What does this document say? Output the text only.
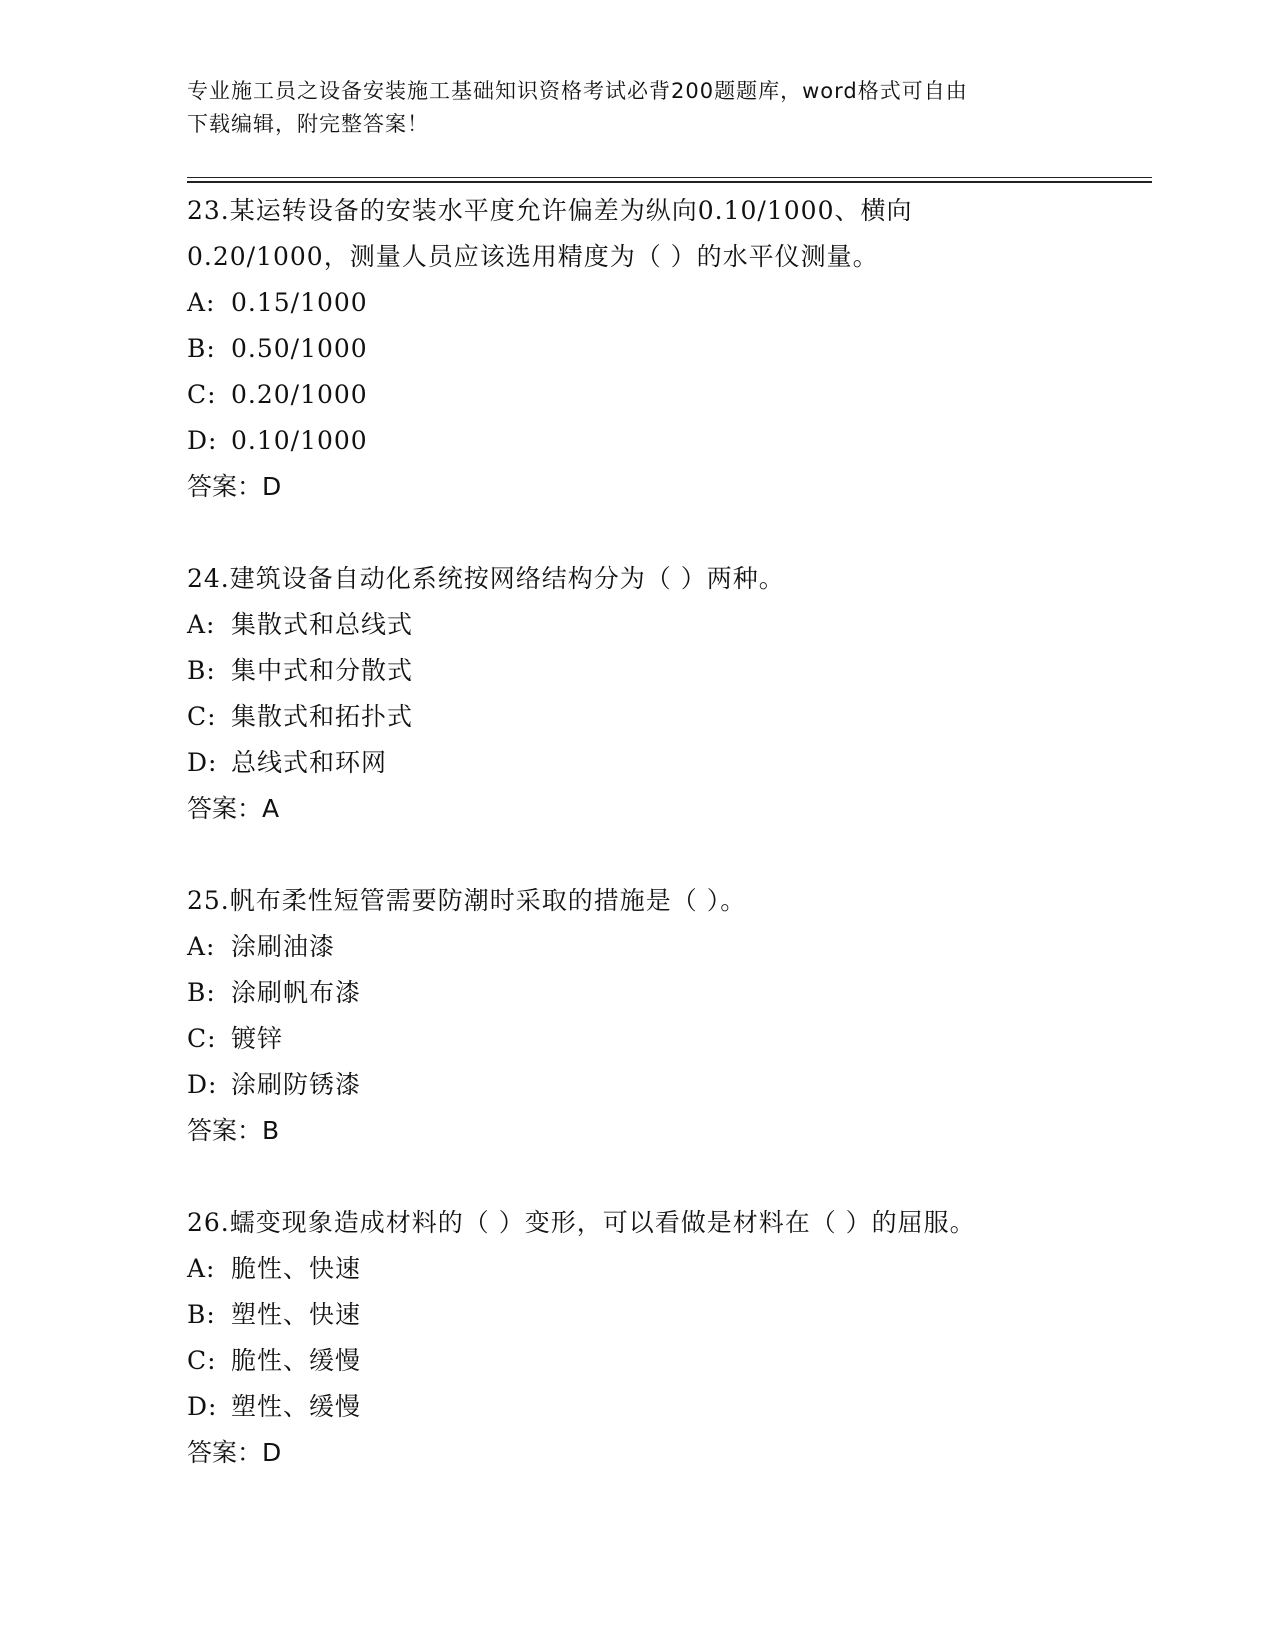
专业施工员之设备安装施工基础知识资格考试必背200题题库，word格式可自由
下载编辑，附完整答案！
23.某运转设备的安装水平度允许偏差为纵向0.10/1000、横向
0.20/1000，测量人员应该选用精度为（ ）的水平仪测量。
A: 0.15/1000
B: 0.50/1000
C: 0.20/1000
D: 0.10/1000
答案：D
24.建筑设备自动化系统按网络结构分为（ ）两种。
A: 集散式和总线式
B: 集中式和分散式
C: 集散式和拓扑式
D: 总线式和环网
答案：A
25.帆布柔性短管需要防潮时采取的措施是（ ）。
A: 涂刷油漆
B: 涂刷帆布漆
C: 镀锌
D: 涂刷防锈漆
答案：B
26.蠕变现象造成材料的（ ）变形，可以看做是材料在（ ）的屈服。
A: 脆性、快速
B: 塑性、快速
C: 脆性、缓慢
D: 塑性、缓慢
答案：D
